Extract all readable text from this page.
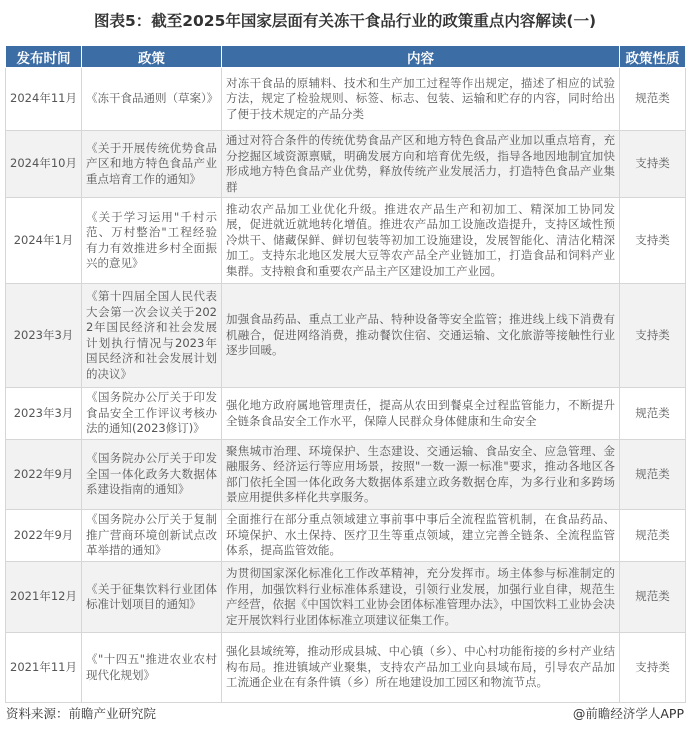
图表5：截至2025年国家层面有关冻干食品行业的政策重点内容解读(一)
发布时间	政策	内容	政策性质
2024年11月	《冻干食品通则（草案）》	对冻干食品的原辅料、技术和生产加工过程等作出规定，描述了相应的试验方法，规定了检验规则、标签、标志、包装、运输和贮存的内容，同时给出了便于技术规定的产品分类	规范类
2024年10月	《关于开展传统优势食品产区和地方特色食品产业重点培育工作的通知》	通过对符合条件的传统优势食品产区和地方特色食品产业加以重点培育，充分挖掘区域资源禀赋，明确发展方向和培育优先级，指导各地因地制宜加快形成地方特色食品产业优势，释放传统产业发展活力，打造特色食品产业集群	支持类
2024年1月	《关于学习运用"千村示范、万村整治"工程经验有力有效推进乡村全面振兴的意见》	推动农产品加工业优化升级。推进农产品生产和初加工、精深加工协同发展，促进就近就地转化增值。推进农产品加工设施改造提升，支持区域性预冷烘干、储藏保鲜、鲜切包装等初加工设施建设，发展智能化、清洁化精深加工。支持东北地区发展大豆等农产品全产业链加工，打造食品和饲料产业集群。支持粮食和重要农产品主产区建设加工产业园。	支持类
2023年3月	《第十四届全国人民代表大会第一次会议关于2022年国民经济和社会发展计划执行情况与2023年国民经济和社会发展计划的决议》	加强食品药品、重点工业产品、特种设备等安全监管；推进线上线下消费有机融合，促进网络消费，推动餐饮住宿、交通运输、文化旅游等接触性行业逐步回暖。	支持类
2023年3月	《国务院办公厅关于印发食品安全工作评议考核办法的通知(2023修订)》	强化地方政府属地管理责任，提高从农田到餐桌全过程监管能力，不断提升全链条食品安全工作水平，保障人民群众身体健康和生命安全	规范类
2022年9月	《国务院办公厅关于印发全国一体化政务大数据体系建设指南的通知》	聚焦城市治理、环境保护、生态建设、交通运输、食品安全、应急管理、金融服务、经济运行等应用场景，按照"一数一源一标准"要求，推动各地区各部门依托全国一体化政务大数据体系建立政务数据仓库，为多行业和多跨场景应用提供多样化共享服务。	规范类
2022年9月	《国务院办公厅关于复制推广营商环境创新试点改革举措的通知》	全面推行在部分重点领域建立事前事中事后全流程监管机制，在食品药品、环境保护、水土保持、医疗卫生等重点领域，建立完善全链条、全流程监管体系，提高监管效能。	规范类
2021年12月	《关于征集饮料行业团体标准计划项目的通知》	为贯彻国家深化标准化工作改革精神，充分发挥市。场主体参与标准制定的作用，加强饮料行业标准体系建设，引领行业发展，加强行业自律，规范生产经营，依据《中国饮料工业协会团体标准管理办法》，中国饮料工业协会决定开展饮料行业团体标准立项建议征集工作。	规范类
2021年11月	《"十四五"推进农业农村现代化规划》	强化县域统筹，推动形成县城、中心镇（乡）、中心村功能衔接的乡村产业结构布局。推进镇域产业聚集，支持农产品加工业向县域布局，引导农产品加工流通企业在有条件镇（乡）所在地建设加工园区和物流节点。	支持类
资料来源：前瞻产业研究院	@前瞻经济学人APP
